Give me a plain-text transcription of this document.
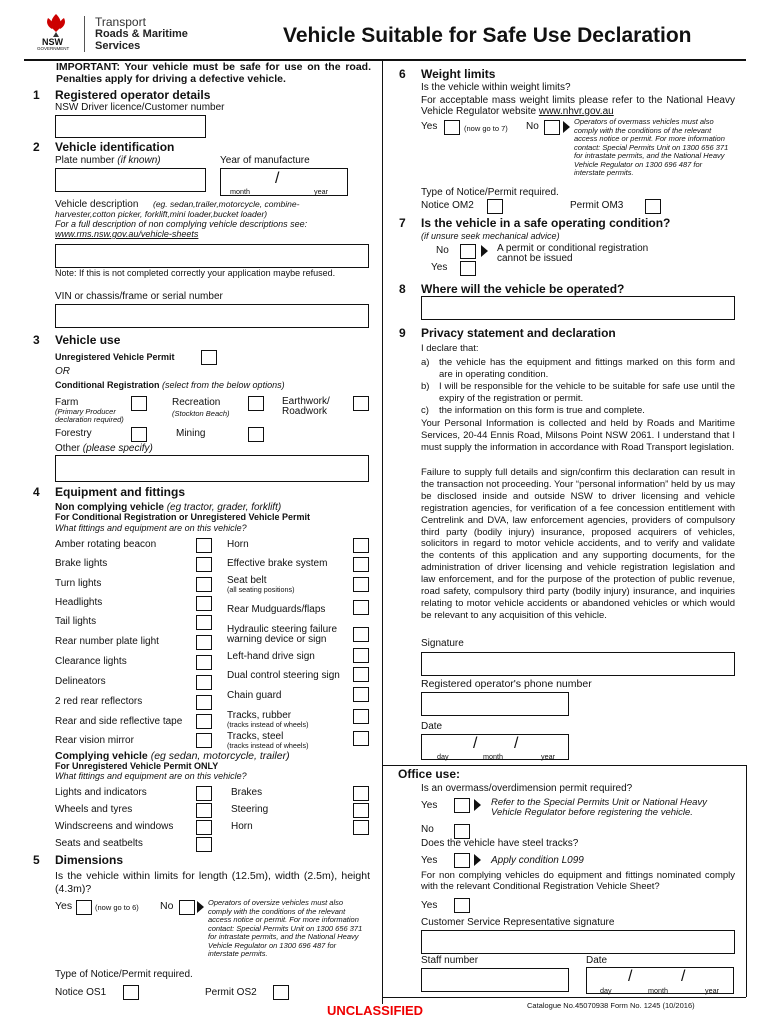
NSW
GOVERNMENT
Transport
Roads & Maritime
Services	Vehicle Suitable for Safe Use Declaration
IMPORTANT: Your vehicle must be safe for use on the road. Penalties apply for driving a defective vehicle.
1 Registered operator details
NSW Driver licence/Customer number
2 Vehicle identification
Plate number (if known)	Year of manufacture
/
month	year
Vehicle description	(eg. sedan,trailer,motorcycle, combine-harvester,cotton picker, forklift,mini loader,bucket loader)
For a full description of non complying vehicle descriptions see:
www.rms.nsw.gov.au/vehicle-sheets
Note: If this is not completed correctly your application maybe refused.
VIN or chassis/frame or serial number
3 Vehicle use
Unregistered Vehicle Permit
OR
Conditional Registration (select from the below options)
Farm
(Primary Producer declaration required)
Recreation
(Stockton Beach)
Earthwork/ Roadwork
Forestry	Mining
Other (please specify)
4 Equipment and fittings
Non complying vehicle (eg tractor, grader, forklift)
For Conditional Registration or Unregistered Vehicle Permit
What fittings and equipment are on this vehicle?
Amber rotating beacon
Brake lights
Turn lights
Headlights
Tail lights
Rear number plate light
Clearance lights
Delineators
2 red rear reflectors
Rear and side reflective tape
Rear vision mirror
Horn
Effective brake system
Seat belt
(all seating positions)
Rear Mudguards/flaps
Hydraulic steering failure warning device or sign
Left-hand drive sign
Dual control steering sign
Chain guard
Tracks, rubber
(tracks instead of wheels)
Tracks, steel
(tracks instead of wheels)
Complying vehicle (eg sedan, motorcycle, trailer)
For Unregistered Vehicle Permit ONLY
What fittings and equipment are on this vehicle?
Lights and indicators
Wheels and tyres
Windscreens and windows
Seats and seatbelts
Brakes
Steering
Horn
5 Dimensions
Is the vehicle within limits for length (12.5m), width (2.5m), height (4.3m)?
Yes	(now go to 6) No	Operators of oversize vehicles must also comply with the conditions of the relevant access notice or permit. For more information contact: Special Permits Unit on 1300 656 371 for intrastate permits, and the National Heavy Vehicle Regulator on 1300 696 487 for interstate permits.
Type of Notice/Permit required.
Notice OS1	Permit OS2
6 Weight limits
Is the vehicle within weight limits?
For acceptable mass weight limits please refer to the National Heavy Vehicle Regulator website www.nhvr.gov.au
Yes	(now go to 7) No	Operators of overmass vehicles must also comply with the conditions of the relevant access notice or permit. For more information contact: Special Permits Unit on 1300 656 371 for intrastate permits, and the National Heavy Vehicle Regulator on 1300 696 487 for interstate permits.
Type of Notice/Permit required.
Notice OM2	Permit OM3
7 Is the vehicle in a safe operating condition?
(if unsure seek mechanical advice)
No	A permit or conditional registration cannot be issued
Yes
8 Where will the vehicle be operated?
9 Privacy statement and declaration
I declare that:
a) the vehicle has the equipment and fittings marked on this form and are in operating condition.
b) I will be responsible for the vehicle to be suitable for safe use until the expiry of the registration or permit.
c) the information on this form is true and complete.
Your Personal Information is collected and held by Roads and Maritime Services, 20-44 Ennis Road, Milsons Point NSW 2061. I understand that I must supply the information in accordance with Road Transport legislation.
Failure to supply full details and sign/confirm this declaration can result in the transaction not proceeding. Your “personal information” held by us may be disclosed inside and outside NSW to driver licensing and vehicle registration agencies, for verification of a fee concession entitlement with Centrelink and DVA, law enforcement agencies, providers of compulsory third party (bodily injury) insurance, proposed acquirers of vehicles, solicitors in regard to motor vehicle accidents, and to verify and validate the contents of this application and any supporting documents, for the administration of driver licensing and vehicle registration legislation and law enforcement, and for the purpose of the protection of public revenue, road safety, compulsory third party (bodily injury) insurance, and inquiries relating to motor vehicle accidents or abandoned vehicles or which would be relevant to any acquisition of this vehicle.
Signature
Registered operator's phone number
Date
/ /
day	month	year
Office use:
Is an overmass/overdimension permit required?
Yes	Refer to the Special Permits Unit or National Heavy Vehicle Regulator before registering the vehicle.
No
Does the vehicle have steel tracks?
Yes	Apply condition L099
For non complying vehicles do equipment and fittings nominated comply with the relevant Conditional Registration Vehicle Sheet?
Yes
Customer Service Representative signature
Staff number	Date
/	/
day	month	year
UNCLASSIFIED	Catalogue No.45070938 Form No. 1245 (10/2016)
